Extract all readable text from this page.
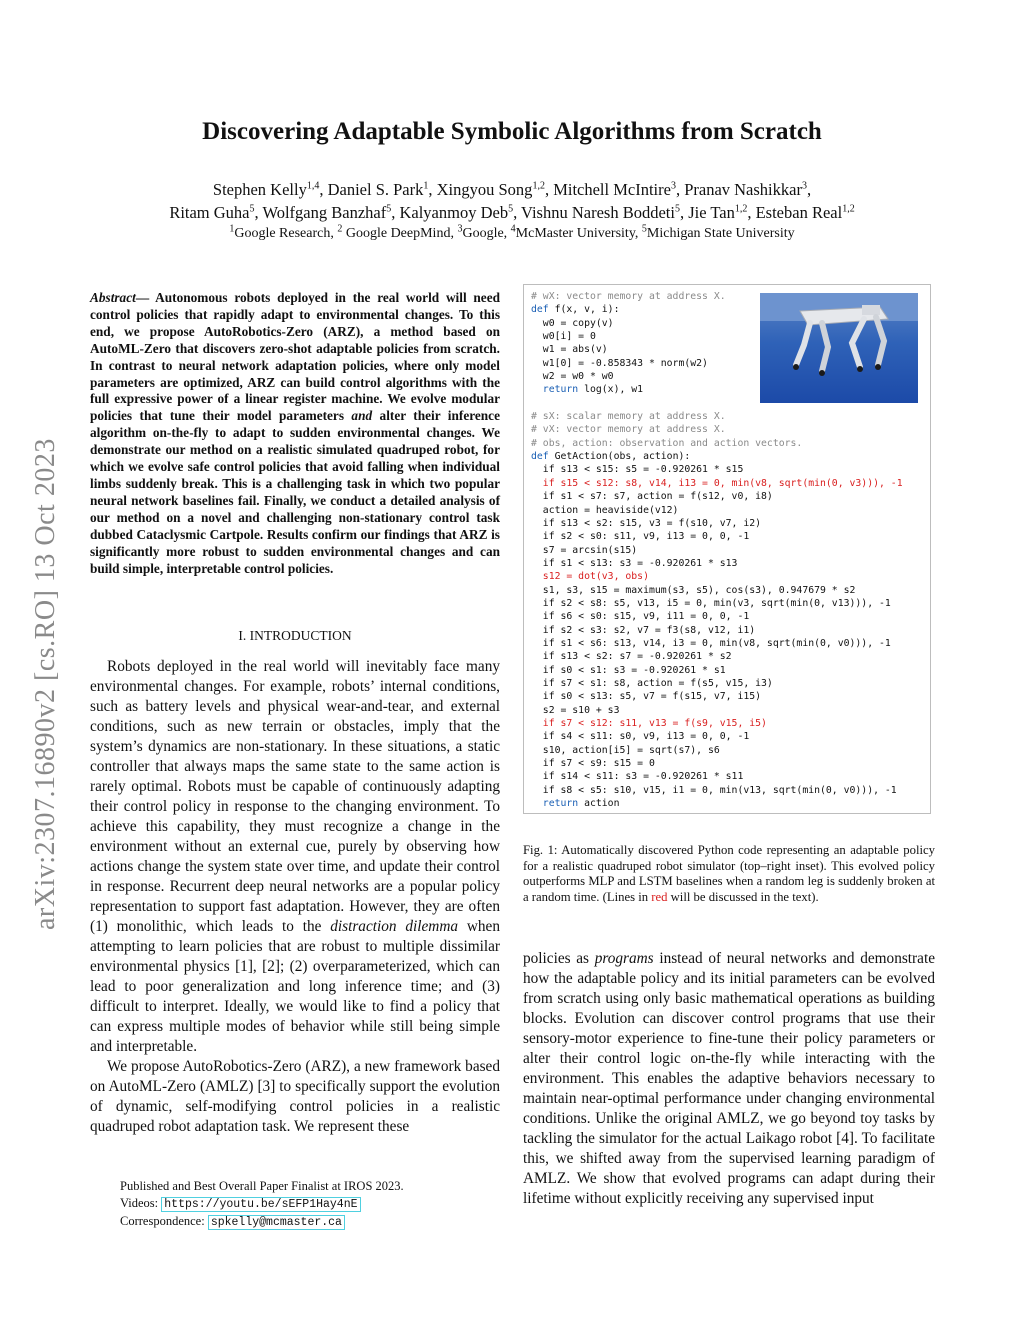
arXiv:2307.16890v2 [cs.RO] 13 Oct 2023
Discovering Adaptable Symbolic Algorithms from Scratch
Stephen Kelly$^{1,4}$, Daniel S. Park$^1$, Xingyou Song$^{1,2}$, Mitchell McIntire$^3$, Pranav Nashikkar$^3$,
Ritam Guha$^5$, Wolfgang Banzhaf$^5$, Kalyanmoy Deb$^5$, Vishnu Naresh Boddeti$^5$, Jie Tan$^{1,2}$, Esteban Real$^{1,2}$
$^1$Google Research, $^2$ Google DeepMind, $^3$Google, $^4$McMaster University, $^5$Michigan State University
Abstract— Autonomous robots deployed in the real world will need control policies that rapidly adapt to environmental changes. To this end, we propose AutoRobotics-Zero (ARZ), a method based on AutoML-Zero that discovers zero-shot adaptable policies from scratch. In contrast to neural network adaptation policies, where only model parameters are optimized, ARZ can build control algorithms with the full expressive power of a linear register machine. We evolve modular policies that tune their model parameters and alter their inference algorithm on-the-fly to adapt to sudden environmental changes. We demonstrate our method on a realistic simulated quadruped robot, for which we evolve safe control policies that avoid falling when individual limbs suddenly break. This is a challenging task in which two popular neural network baselines fail. Finally, we conduct a detailed analysis of our method on a novel and challenging non-stationary control task dubbed Cataclysmic Cartpole. Results confirm our findings that ARZ is significantly more robust to sudden environmental changes and can build simple, interpretable control policies.
I. INTRODUCTION

Robots deployed in the real world will inevitably face many environmental changes. For example, robots’ internal conditions, such as battery levels and physical wear-and-tear, and external conditions, such as new terrain or obstacles, imply that the system’s dynamics are non-stationary. In these situations, a static controller that always maps the same state to the same action is rarely optimal. Robots must be capable of continuously adapting their control policy in response to the changing environment. To achieve this capability, they must recognize a change in the environment without an external cue, purely by observing how actions change the system state over time, and update their control in response. Recurrent deep neural networks are a popular policy representation to support fast adaptation. However, they are often (1) monolithic, which leads to the distraction dilemma when attempting to learn policies that are robust to multiple dissimilar environmental physics [1], [2]; (2) overparameterized, which can lead to poor generalization and long inference time; and (3) difficult to interpret. Ideally, we would like to find a policy that can express multiple modes of behavior while still being simple and interpretable.

We propose AutoRobotics-Zero (ARZ), a new framework based on AutoML-Zero (AMLZ) [3] to specifically support the evolution of dynamic, self-modifying control policies in a realistic quadruped robot adaptation task. We represent these

Published and Best Overall Paper Finalist at IROS 2023.
Videos: https://youtu.be/sEFP1Hay4nE
Correspondence: spkelly@mcmaster.ca
# wX: vector memory at address X.
def f(x, v, i):
w0 = copy(v)
w0[i] = 0
w1 = abs(v)
w1[0] = -0.858343 * norm(w2)
w2 = w0 * w0
return log(x), w1

# sX: scalar memory at address X.
# vX: vector memory at address X.
# obs, action: observation and action vectors.
def GetAction(obs, action):
if s13 < s15: s5 = -0.920261 * s15
if s15 < s12: s8, v14, i13 = 0, min(v8, sqrt(min(0, v3))), -1
if s1 < s7: s7, action = f(s12, v0, i8)
action = heaviside(v12)
if s13 < s2: s15, v3 = f(s10, v7, i2)
if s2 < s0: s11, v9, i13 = 0, 0, -1
s7 = arcsin(s15)
if s1 < s13: s3 = -0.920261 * s13
s12 = dot(v3, obs)
s1, s3, s15 = maximum(s3, s5), cos(s3), 0.947679 * s2
if s2 < s8: s5, v13, i5 = 0, min(v3, sqrt(min(0, v13))), -1
if s6 < s0: s15, v9, i11 = 0, 0, -1
if s2 < s3: s2, v7 = f3(s8, v12, i1)
if s1 < s6: s13, v14, i3 = 0, min(v8, sqrt(min(0, v0))), -1
if s13 < s2: s7 = -0.920261 * s2
if s0 < s1: s3 = -0.920261 * s1
if s7 < s1: s8, action = f(s5, v15, i3)
if s0 < s13: s5, v7 = f(s15, v7, i15)
s2 = s10 + s3
if s7 < s12: s11, v13 = f(s9, v15, i5)
if s4 < s11: s0, v9, i13 = 0, 0, -1
s10, action[i5] = sqrt(s7), s6
if s7 < s9: s15 = 0
if s14 < s11: s3 = -0.920261 * s11
if s8 < s5: s10, v15, i1 = 0, min(v13, sqrt(min(0, v0))), -1
return action
Fig. 1: Automatically discovered Python code representing an adaptable policy for a realistic quadruped robot simulator (top–right inset). This evolved policy outperforms MLP and LSTM baselines when a random leg is suddenly broken at a random time. (Lines in red will be discussed in the text).

policies as programs instead of neural networks and demonstrate how the adaptable policy and its initial parameters can be evolved from scratch using only basic mathematical operations as building blocks. Evolution can discover control programs that use their sensory-motor experience to fine-tune their policy parameters or alter their control logic on-the-fly while interacting with the environment. This enables the adaptive behaviors necessary to maintain near-optimal performance under changing environmental conditions. Unlike the original AMLZ, we go beyond toy tasks by tackling the simulator for the actual Laikago robot [4]. To facilitate this, we shifted away from the supervised learning paradigm of AMLZ. We show that evolved programs can adapt during their lifetime without explicitly receiving any supervised input
